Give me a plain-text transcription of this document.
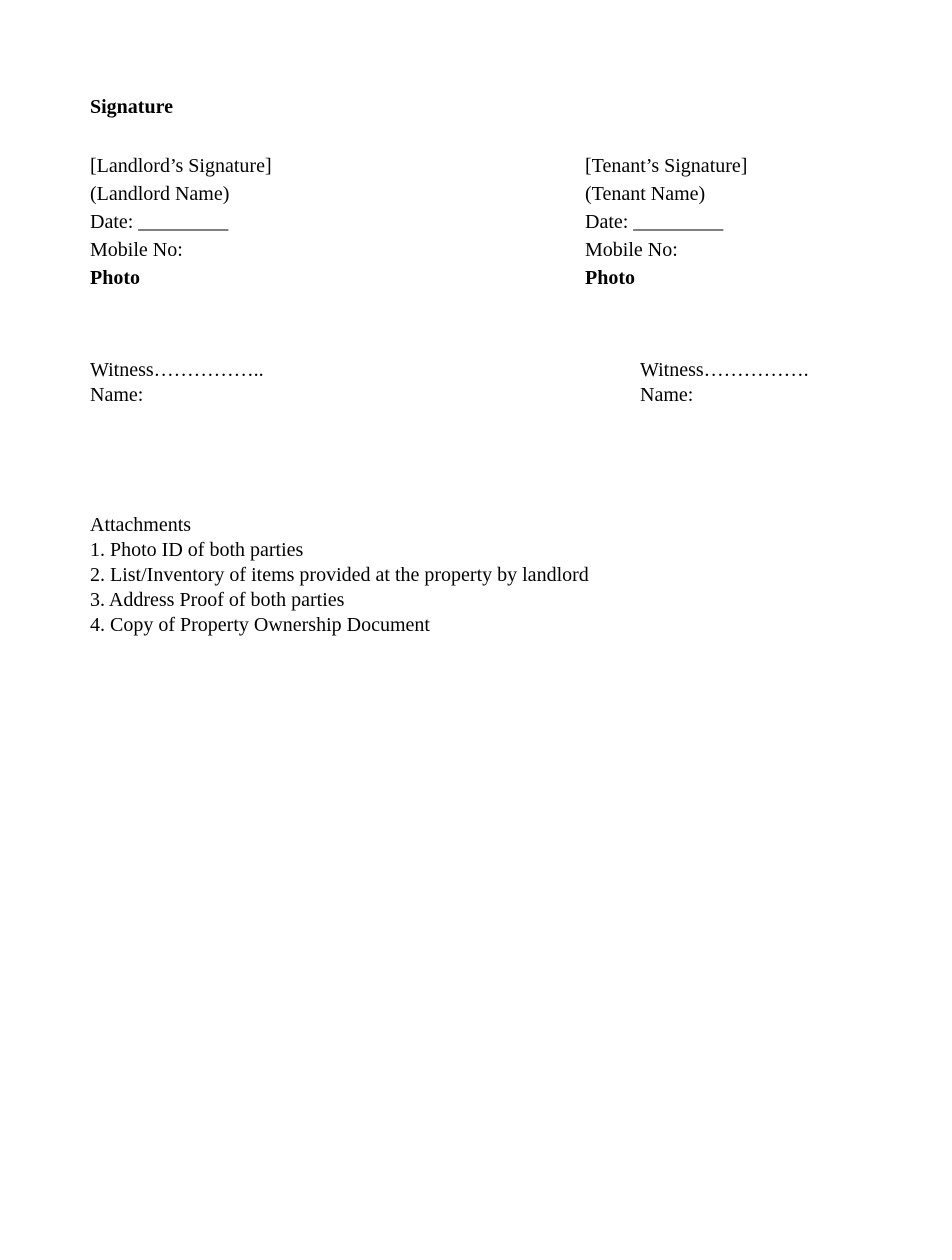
Signature
[Landlord’s Signature]
(Landlord Name)
Date: _________
Mobile No:
Photo
[Tenant’s Signature]
(Tenant Name)
Date: _________
Mobile No:
Photo
Witness……………..
Name:
Witness…………….
Name:
Attachments
1. Photo ID of both parties
2. List/Inventory of items provided at the property by landlord
3. Address Proof of both parties
4. Copy of Property Ownership Document
